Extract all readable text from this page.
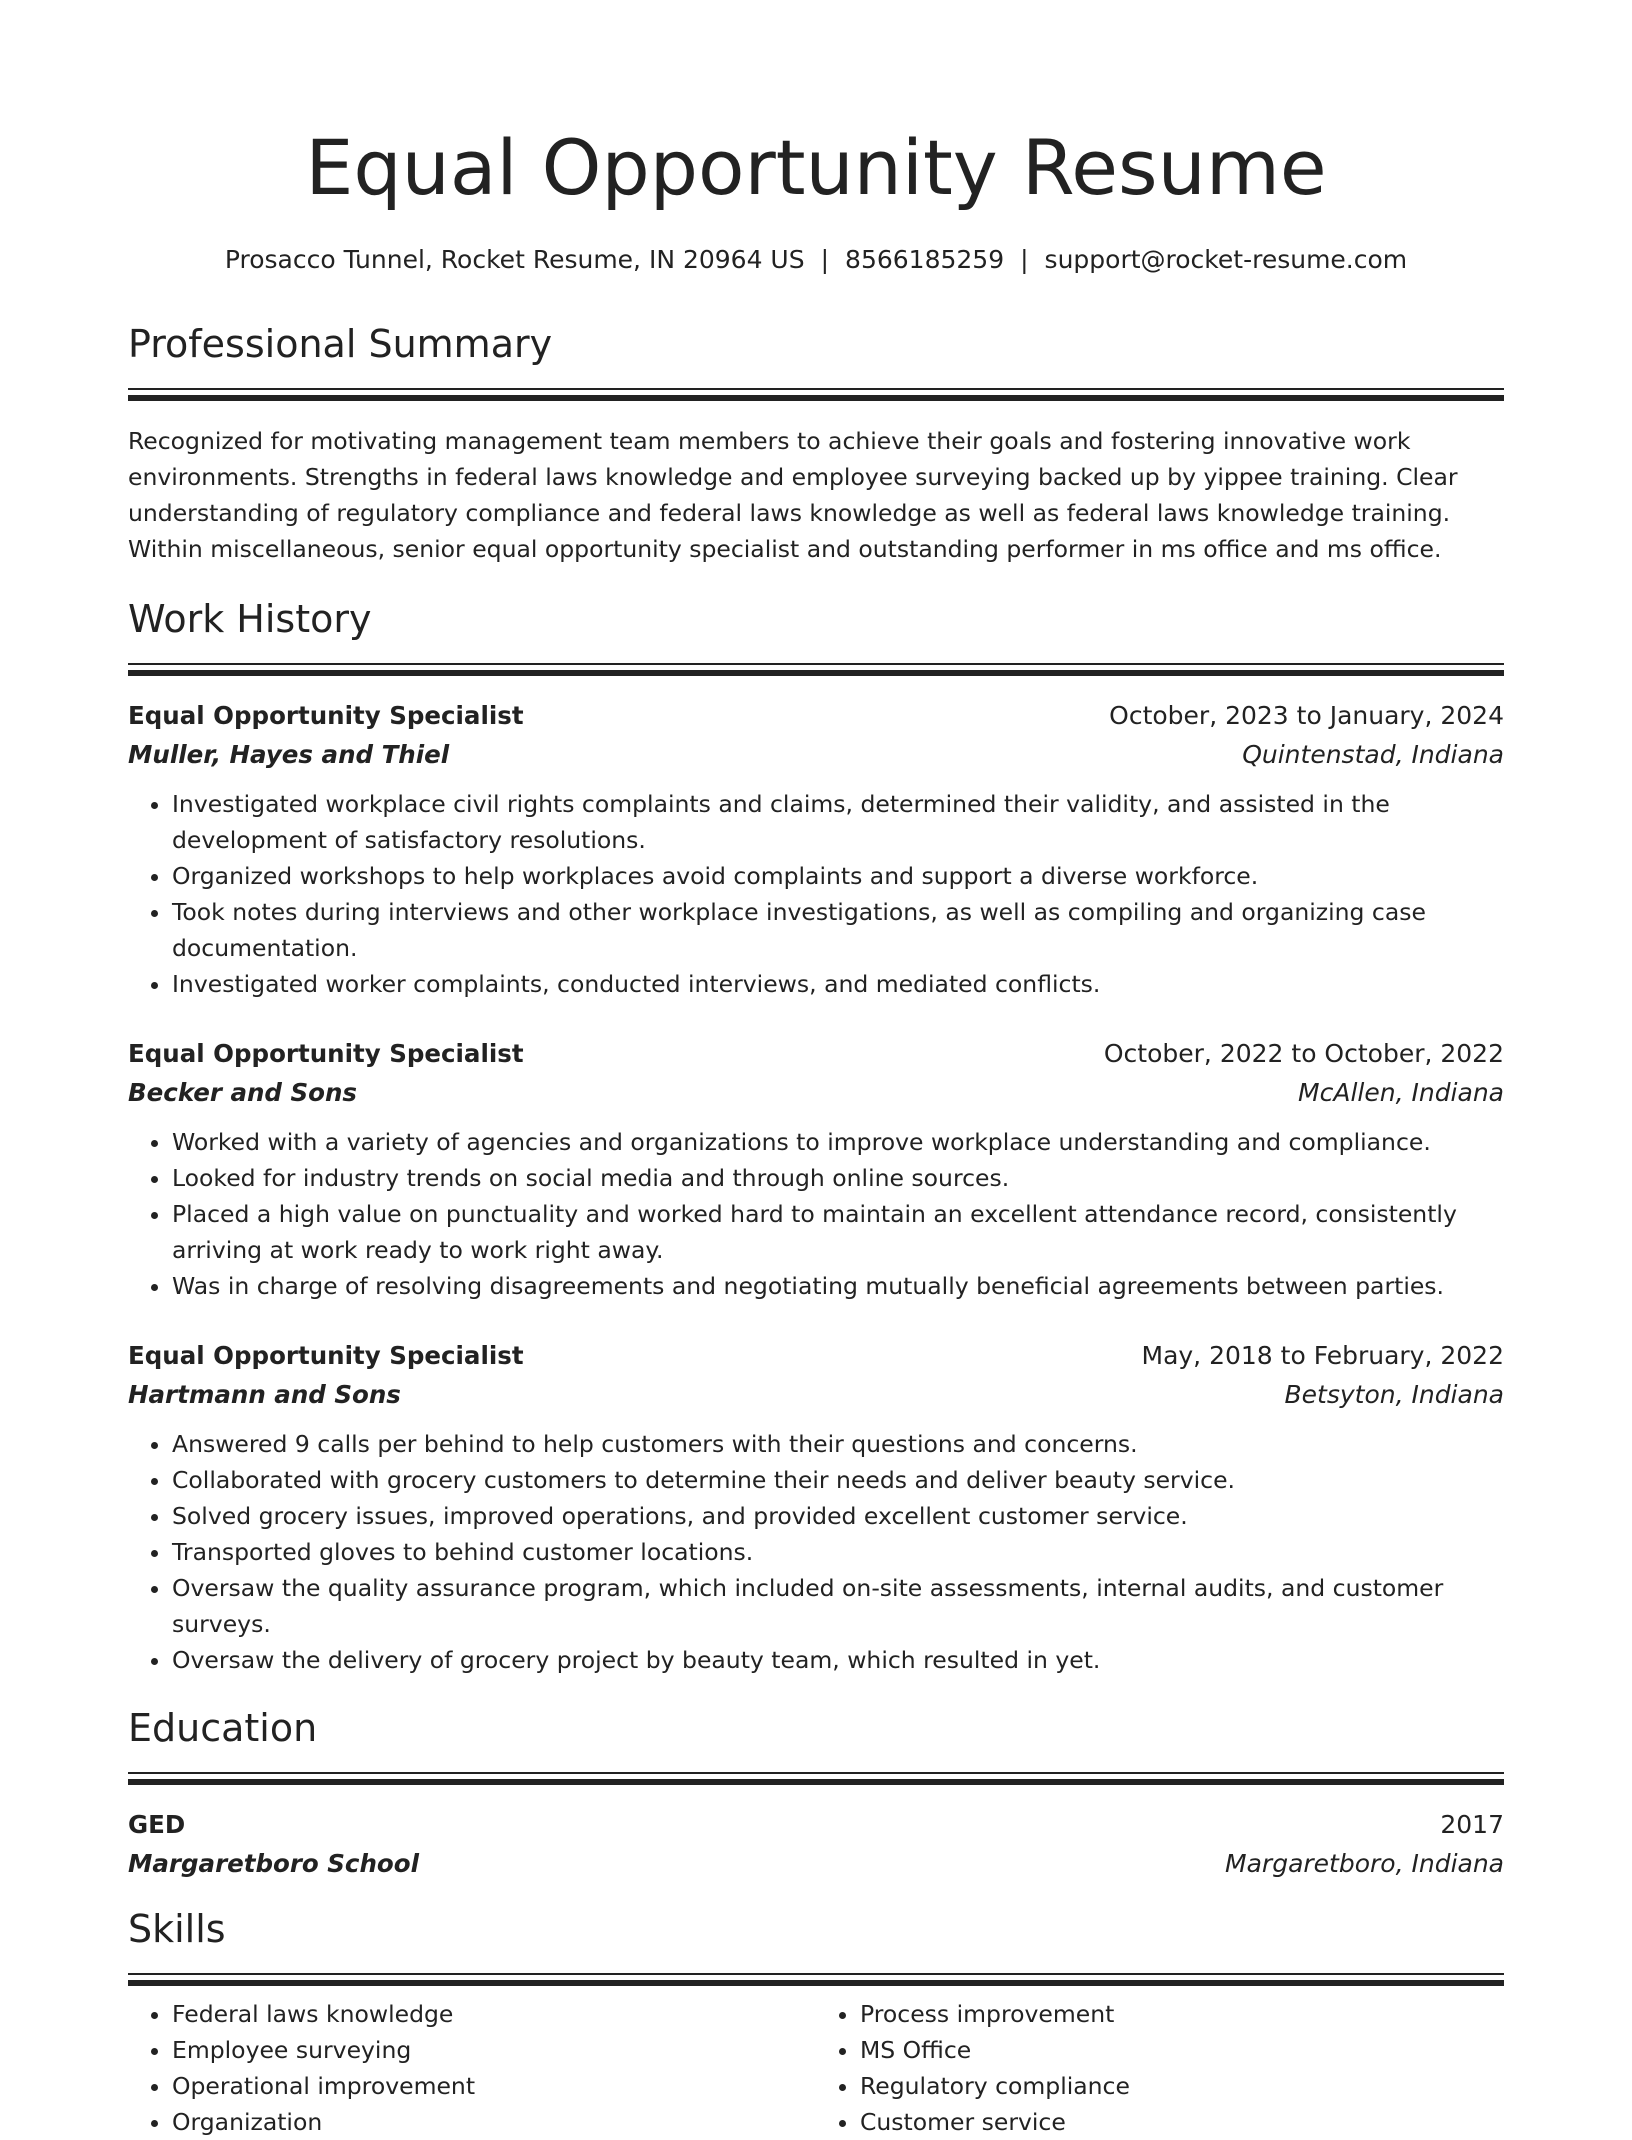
Equal Opportunity Resume
Prosacco Tunnel, Rocket Resume, IN 20964 US | 8566185259 | support@rocket-resume.com
Professional Summary

Recognized for motivating management team members to achieve their goals and fostering innovative work environments. Strengths in federal laws knowledge and employee surveying backed up by yippee training. Clear understanding of regulatory compliance and federal laws knowledge as well as federal laws knowledge training. Within miscellaneous, senior equal opportunity specialist and outstanding performer in ms office and ms office.

Work History
Equal Opportunity Specialist	October, 2023 to January, 2024
Muller, Hayes and Thiel	Quintenstad, Indiana
• Investigated workplace civil rights complaints and claims, determined their validity, and assisted in the development of satisfactory resolutions.
• Organized workshops to help workplaces avoid complaints and support a diverse workforce.
• Took notes during interviews and other workplace investigations, as well as compiling and organizing case documentation.
• Investigated worker complaints, conducted interviews, and mediated conflicts.
Equal Opportunity Specialist	October, 2022 to October, 2022
Becker and Sons	McAllen, Indiana
• Worked with a variety of agencies and organizations to improve workplace understanding and compliance.
• Looked for industry trends on social media and through online sources.
• Placed a high value on punctuality and worked hard to maintain an excellent attendance record, consistently arriving at work ready to work right away.
• Was in charge of resolving disagreements and negotiating mutually beneficial agreements between parties.
Equal Opportunity Specialist	May, 2018 to February, 2022
Hartmann and Sons	Betsyton, Indiana
• Answered 9 calls per behind to help customers with their questions and concerns.
• Collaborated with grocery customers to determine their needs and deliver beauty service.
• Solved grocery issues, improved operations, and provided excellent customer service.
• Transported gloves to behind customer locations.
• Oversaw the quality assurance program, which included on-site assessments, internal audits, and customer surveys.
• Oversaw the delivery of grocery project by beauty team, which resulted in yet.
Education
GED	2017
Margaretboro School	Margaretboro, Indiana
Skills
• Federal laws knowledge
• Employee surveying
• Operational improvement
• Organization
• Process improvement
• MS Office
• Regulatory compliance
• Customer service
